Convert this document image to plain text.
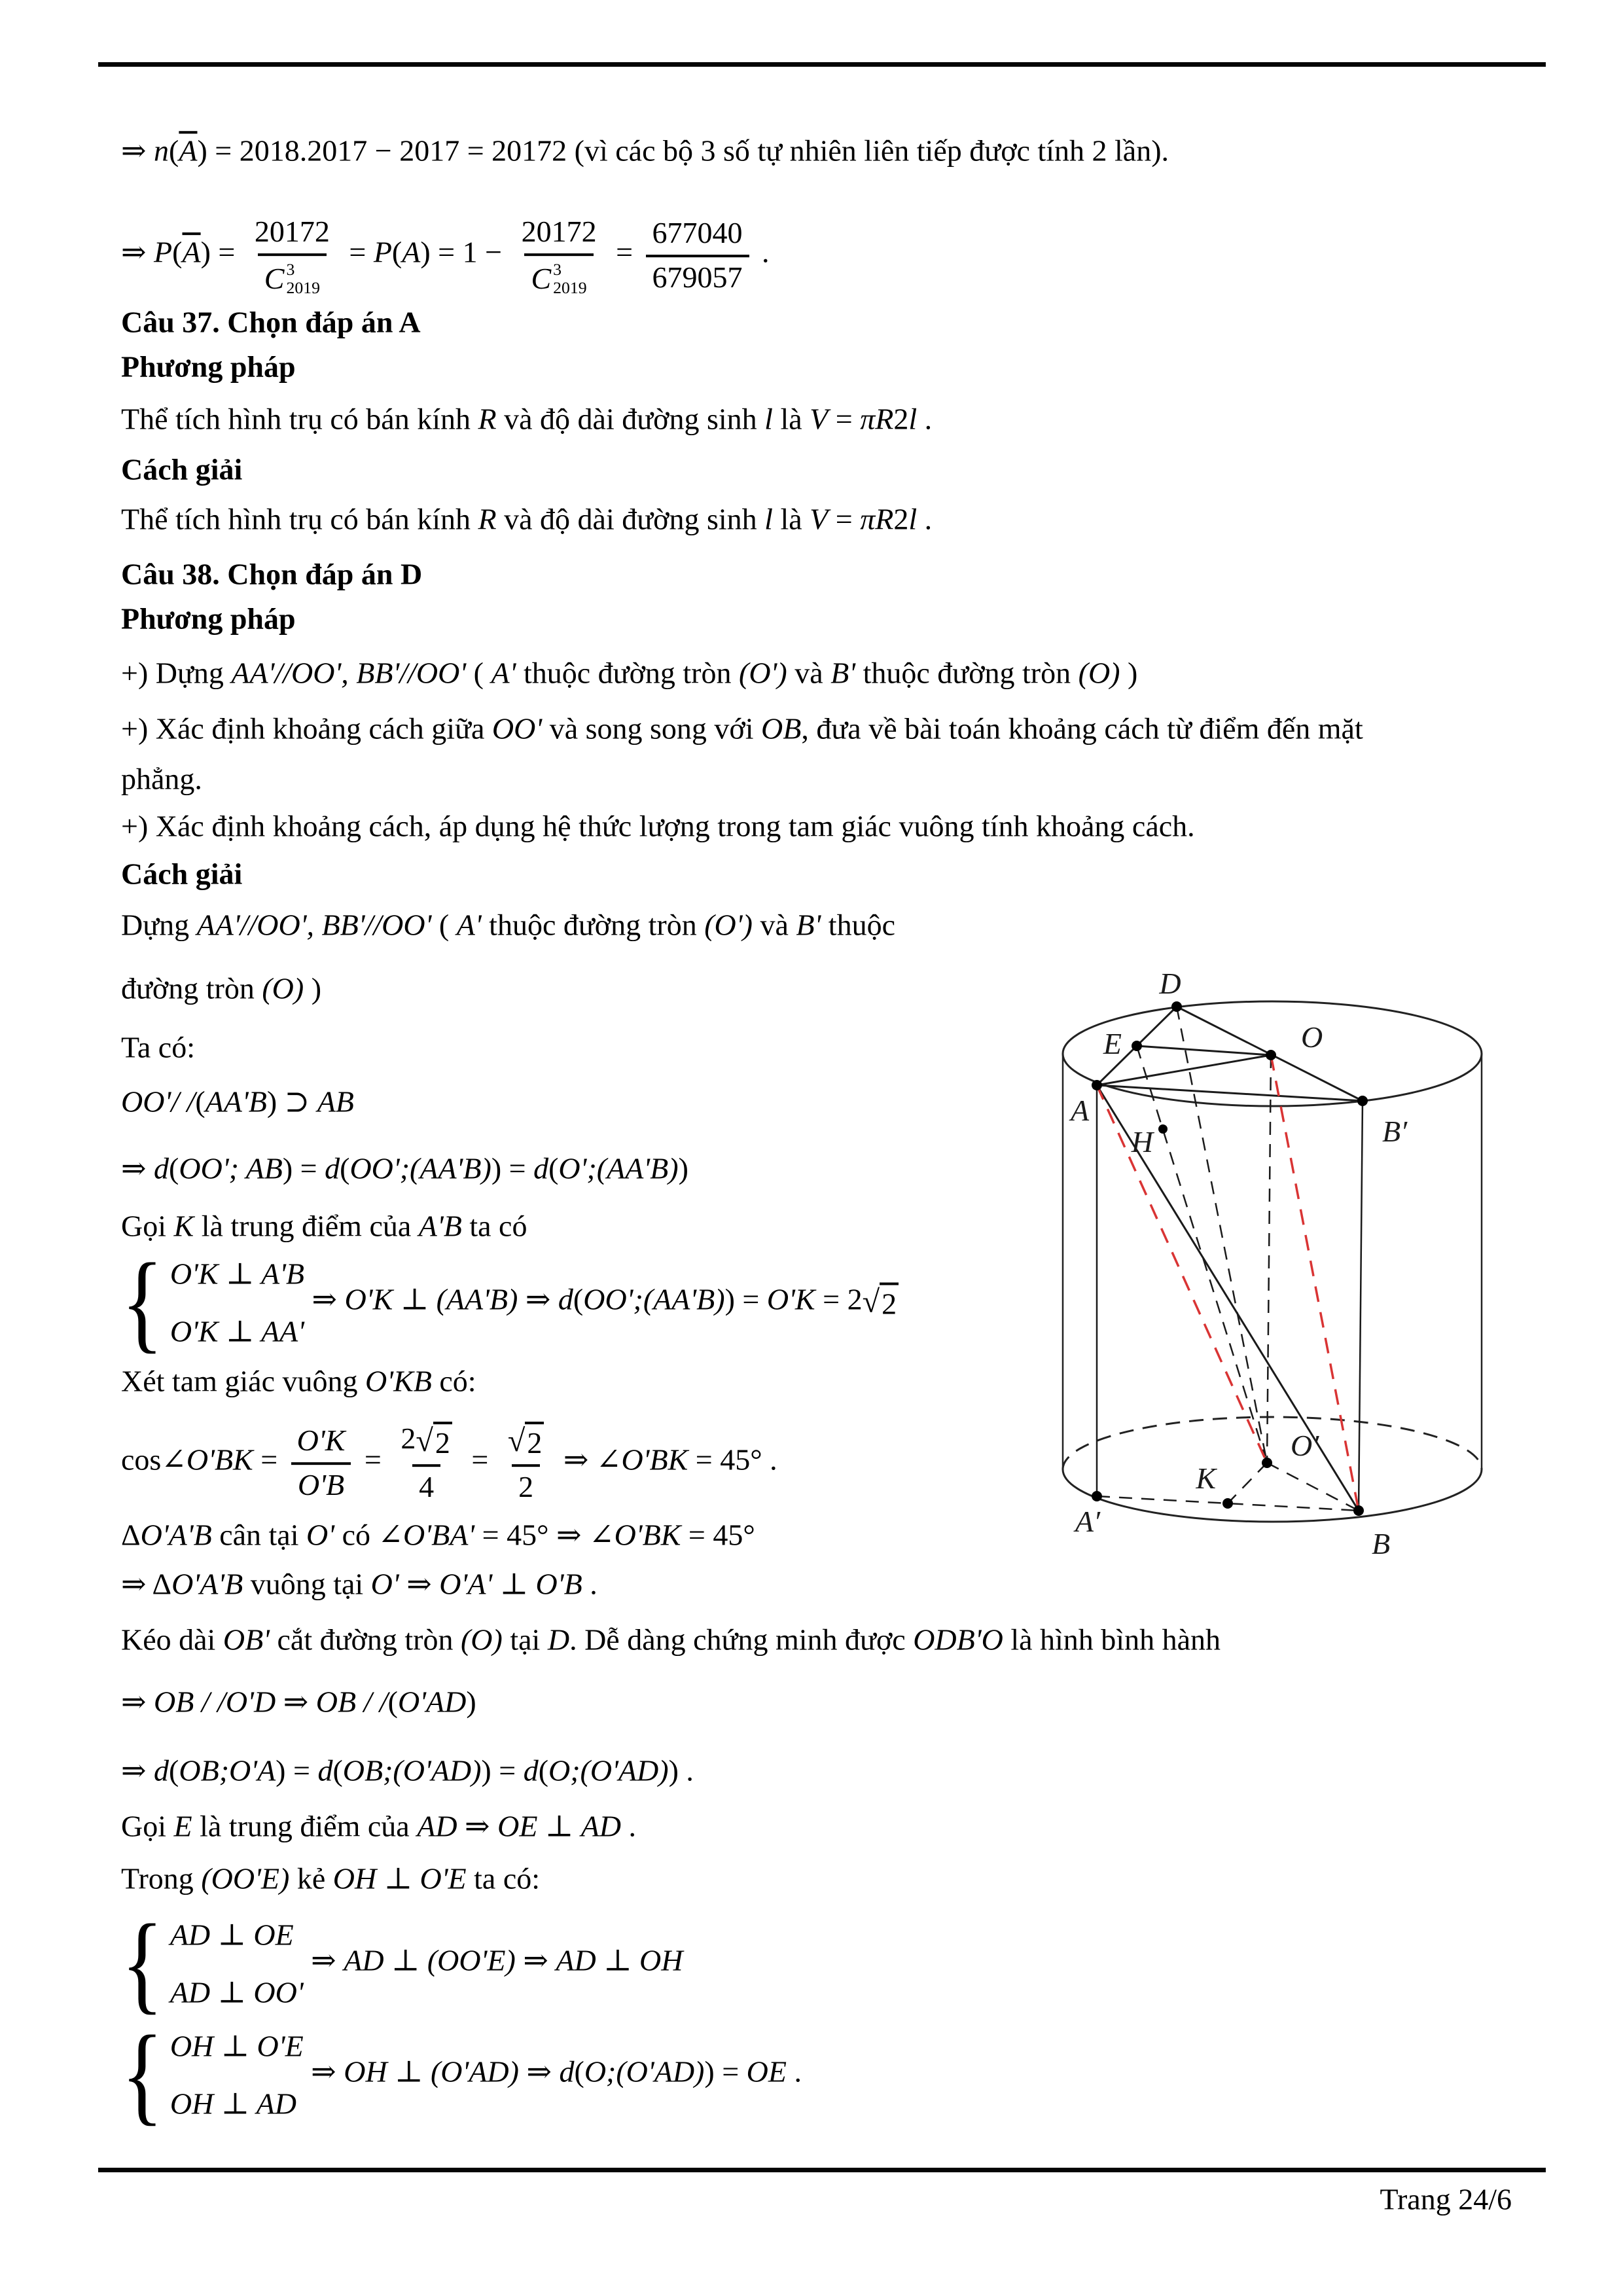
⇒ $n(\overline{A}) = 2018.2017 - 2017 = 20172$ (vì các bộ 3 số tự nhiên liên tiếp được tính 2 lần).
⇒ $P(\overline{A}) = 20172$
C 3
2019 = P(A) = 1 − 20172
C 3
$2019 = \frac{677040}{679057}$ .
Câu 37. Chọn đáp án A
Phương pháp
Thể tích hình trụ có bán kính R và độ dài đường sinh l là V = πR2l .
Cách giải
Thể tích hình trụ có bán kính R và độ dài đường sinh l là V = πR2l .
Câu 38. Chọn đáp án D
Phương pháp
+) Dựng AA'//OO', BB'//OO' ( A' thuộc đường tròn (O') và B' thuộc đường tròn (O) )
+) Xác định khoảng cách giữa OO' và song song với OB, đưa về bài toán khoảng cách từ điểm đến mặt
phẳng.
+) Xác định khoảng cách, áp dụng hệ thức lượng trong tam giác vuông tính khoảng cách.
Cách giải
Dựng AA'//OO', BB'//OO' ( A' thuộc đường tròn (O') và B' thuộc
đường tròn (O) )
Ta có:
OO'/ /(AA'B) ⊃ AB
⇒ d(OO'; AB) = d(OO';(AA'B)) = d(O';(AA'B))
Gọi K là trung điểm của A'B ta có
{ O'K ⊥ A'B
O'K ⊥ AA'
⇒ O'K ⊥ (AA'B) ⇒ d(OO';(AA'B)) = O'K = 2 √ 2
Xét tam giác vuông O'KB có:
cos∠O'BK = $\frac{O'K}{O'B} = \frac{2 √ 2}{4} = \frac{√ 2}{2}$ ⇒ ∠O'BK = 45° .
ΔO'A'B cân tại O' có ∠O'BA' = 45° ⇒ ∠O'BK = 45°
⇒ ΔO'A'B vuông tại O' ⇒ O'A' ⊥ O'B .
Kéo dài OB' cắt đường tròn (O) tại D. Dễ dàng chứng minh được ODB'O là hình bình hành
⇒ OB / /O'D ⇒ OB / /(O'AD)
⇒ d(OB;O'A) = d(OB;(O'AD)) = d(O;(O'AD)) .
Gọi E là trung điểm của AD ⇒ OE ⊥ AD .
Trong (OO'E) kẻ OH ⊥ O'E ta có:
{ AD ⊥ OE
AD ⊥ OO'
⇒ AD ⊥ (OO'E) ⇒ AD ⊥ OH
{ OH ⊥ O'E
OH ⊥ AD
⇒ OH ⊥ (O'AD) ⇒ d(O;(O'AD)) = OE .
Trang 24/6
D
E	O
A
B′
H
O′
K
A′
B
